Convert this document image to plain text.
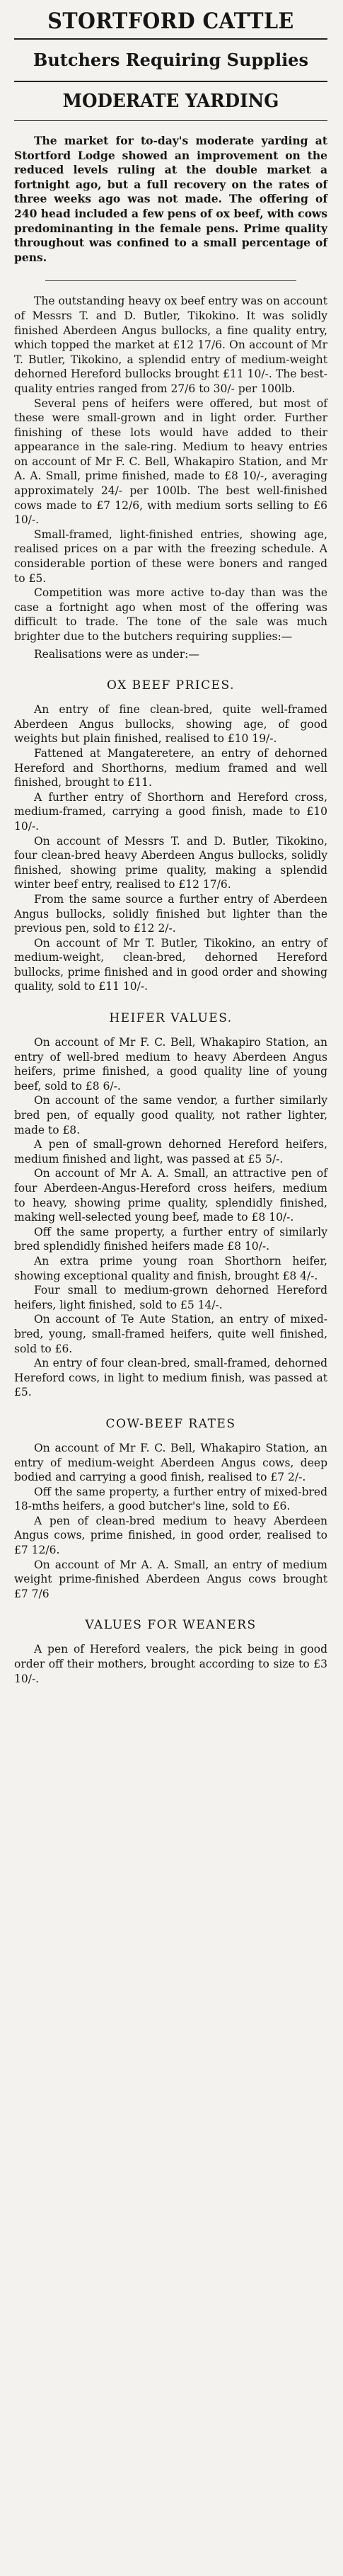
STORTFORD CATTLE
Butchers Requiring Supplies
MODERATE YARDING

The market for to-day's moderate yarding at Stortford Lodge showed an improvement on the reduced levels ruling at the double market a fortnight ago, but a full recovery on the rates of three weeks ago was not made. The offering of 240 head included a few pens of ox beef, with cows predominanting in the female pens. Prime quality throughout was confined to a small percentage of pens.

The outstanding heavy ox beef entry was on account of Messrs T. and D. Butler, Tikokino. It was solidly finished Aberdeen Angus bullocks, a fine quality entry, which topped the market at £12 17/6. On account of Mr T. Butler, Tikokino, a splendid entry of medium-weight dehorned Hereford bullocks brought £11 10/-. The best-quality entries ranged from 27/6 to 30/- per 100lb.

Several pens of heifers were offered, but most of these were small-grown and in light order. Further finishing of these lots would have added to their appearance in the sale-ring. Medium to heavy entries on account of Mr F. C. Bell, Whakapiro Station, and Mr A. A. Small, prime finished, made to £8 10/-, averaging approximately 24/- per 100lb. The best well-finished cows made to £7 12/6, with medium sorts selling to £6 10/-.

Small-framed, light-finished entries, showing age, realised prices on a par with the freezing schedule. A considerable portion of these were boners and ranged to £5.

Competition was more active to-day than was the case a fortnight ago when most of the offering was difficult to trade. The tone of the sale was much brighter due to the butchers requiring supplies:—

Realisations were as under:—

OX BEEF PRICES.

An entry of fine clean-bred, quite well-framed Aberdeen Angus bullocks, showing age, of good weights but plain finished, realised to £10 19/-.

Fattened at Mangateretere, an entry of dehorned Hereford and Shorthorns, medium framed and well finished, brought to £11.

A further entry of Shorthorn and Hereford cross, medium-framed, carrying a good finish, made to £10 10/-.

On account of Messrs T. and D. Butler, Tikokino, four clean-bred heavy Aberdeen Angus bullocks, solidly finished, showing prime quality, making a splendid winter beef entry, realised to £12 17/6.

From the same source a further entry of Aberdeen Angus bullocks, solidly finished but lighter than the previous pen, sold to £12 2/-.

On account of Mr T. Butler, Tikokino, an entry of medium-weight, clean-bred, dehorned Hereford bullocks, prime finished and in good order and showing quality, sold to £11 10/-.

HEIFER VALUES.

On account of Mr F. C. Bell, Whakapiro Station, an entry of well-bred medium to heavy Aberdeen Angus heifers, prime finished, a good quality line of young beef, sold to £8 6/-.

On account of the same vendor, a further similarly bred pen, of equally good quality, not rather lighter, made to £8.

A pen of small-grown dehorned Hereford heifers, medium finished and light, was passed at £5 5/-.

On account of Mr A. A. Small, an attractive pen of four Aberdeen-Angus-Hereford cross heifers, medium to heavy, showing prime quality, splendidly finished, making well-selected young beef, made to £8 10/-.

Off the same property, a further entry of similarly bred splendidly finished heifers made £8 10/-.

An extra prime young roan Shorthorn heifer, showing exceptional quality and finish, brought £8 4/-.

Four small to medium-grown dehorned Hereford heifers, light finished, sold to £5 14/-.

On account of Te Aute Station, an entry of mixed-bred, young, small-framed heifers, quite well finished, sold to £6.

An entry of four clean-bred, small-framed, dehorned Hereford cows, in light to medium finish, was passed at £5.

COW-BEEF RATES

On account of Mr F. C. Bell, Whakapiro Station, an entry of medium-weight Aberdeen Angus cows, deep bodied and carrying a good finish, realised to £7 2/-.

Off the same property, a further entry of mixed-bred 18-mths heifers, a good butcher's line, sold to £6.

A pen of clean-bred medium to heavy Aberdeen Angus cows, prime finished, in good order, realised to £7 12/6.

On account of Mr A. A. Small, an entry of medium weight prime-finished Aberdeen Angus cows brought £7 7/6

VALUES FOR WEANERS

A pen of Hereford vealers, the pick being in good order off their mothers, brought according to size to £3 10/-.
